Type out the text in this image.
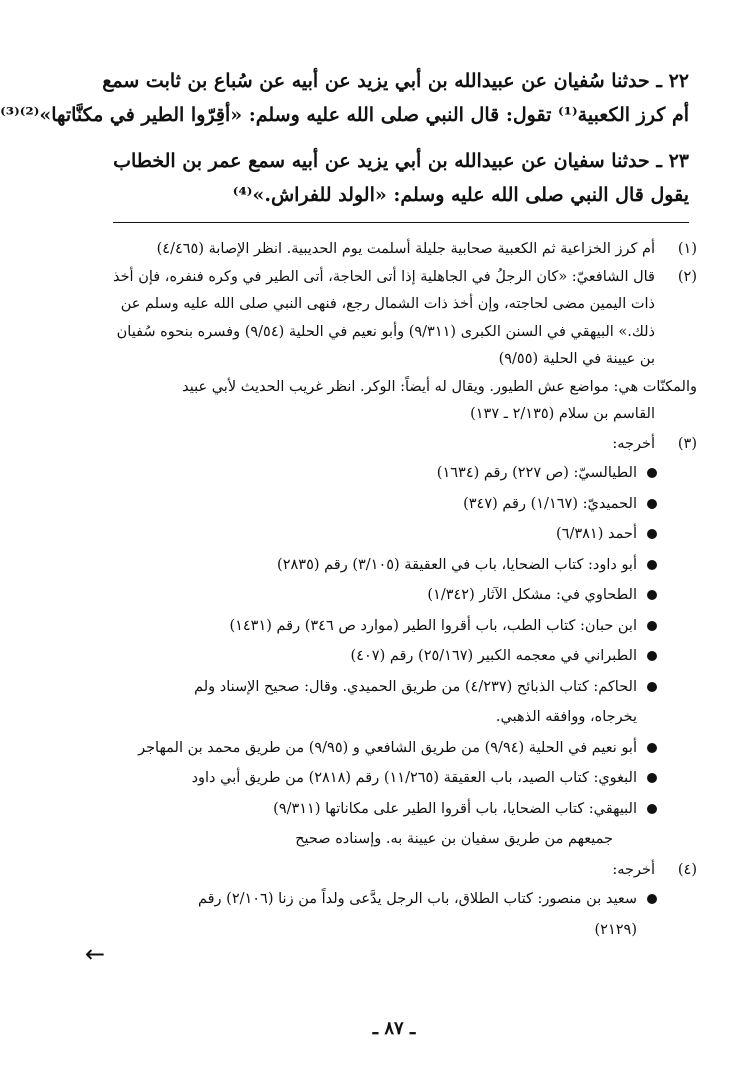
٢٢ ـ حدثنا سُفيان عن عبيدالله بن أبي يزيد عن أبيه عن سُباع بن ثابت سمع
أم كرز الكعبية⁽¹⁾ تقول: قال النبي صلى الله عليه وسلم: «أقِرّوا الطير في مكنَّاتها»⁽²⁾⁽³⁾
٢٣ ـ حدثنا سفيان عن عبيدالله بن أبي يزيد عن أبيه سمع عمر بن الخطاب
يقول قال النبي صلى الله عليه وسلم: «الولد للفراش.»⁽⁴⁾
(١)
أم كرز الخزاعية ثم الكعبية صحابية جليلة أسلمت يوم الحديبية. انظر الإصابة (٤/٤٦٥)
(٢)
قال الشافعيّ: «كان الرجلُ في الجاهلية إذا أتى الحاجة، أتى الطير في وكره فنفره، فإن أخذ
ذات اليمين مضى لحاجته، وإن أخذ ذات الشمال رجع، فنهى النبي صلى الله عليه وسلم عن
ذلك.» البيهقي في السنن الكبرى (٩/٣١١) وأبو نعيم في الحلية (٩/٥٤) وفسره بنحوه سُفيان
بن عيينة في الحلية (٩/٥٥)
والمكنّات هي: مواضع عش الطيور. ويقال له أيضاً: الوكر. انظر غريب الحديث لأبي عبيد
القاسم بن سلام (٢/١٣٥ ـ ١٣٧)
(٣)
أخرجه:
الطيالسيّ: (ص ٢٢٧) رقم (١٦٣٤)
الحميديّ: (١/١٦٧) رقم (٣٤٧)
أحمد (٦/٣٨١)
أبو داود: كتاب الضحايا، باب في العقيقة (٣/١٠٥) رقم (٢٨٣٥)
الطحاوي في: مشكل الآثار (١/٣٤٢)
ابن حبان: كتاب الطب، باب أقروا الطير (موارد ص ٣٤٦) رقم (١٤٣١)
الطبراني في معجمه الكبير (٢٥/١٦٧) رقم (٤٠٧)
الحاكم: كتاب الذبائح (٤/٢٣٧) من طريق الحميدي. وقال: صحيح الإسناد ولم
يخرجاه، ووافقه الذهبي.
أبو نعيم في الحلية (٩/٩٤) من طريق الشافعي و (٩/٩٥) من طريق محمد بن المهاجر
البغوي: كتاب الصيد، باب العقيقة (١١/٢٦٥) رقم (٢٨١٨) من طريق أبي داود
البيهقي: كتاب الضحايا، باب أقروا الطير على مكاناتها (٩/٣١١)
جميعهم من طريق سفيان بن عيينة به. وإسناده صحيح
(٤)
أخرجه:
سعيد بن منصور: كتاب الطلاق، باب الرجل يدَّعى ولداً من زنا (٢/١٠٦) رقم
(٢١٢٩)
←
ـ ٨٧ ـ
